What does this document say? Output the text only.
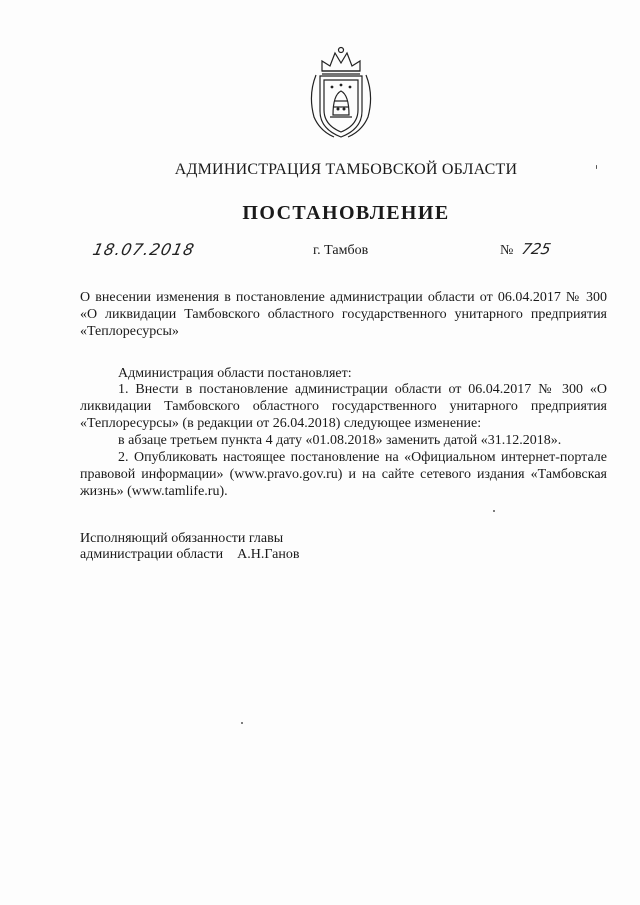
АДМИНИСТРАЦИЯ ТАМБОВСКОЙ ОБЛАСТИ
ПОСТАНОВЛЕНИЕ
18.07.2018	г. Тамбов	№ 725
О внесении изменения в постановление администрации области от 06.04.2017 № 300 «О ликвидации Тамбовского областного государственного унитарного предприятия «Теплоресурсы»
Администрация области постановляет:

1. Внести в постановление администрации области от 06.04.2017 № 300 «О ликвидации Тамбовского областного государственного унитарного предприятия «Теплоресурсы» (в редакции от 26.04.2018) следующее изменение:

в абзаце третьем пункта 4 дату «01.08.2018» заменить датой «31.12.2018».

2. Опубликовать настоящее постановление на «Официальном интернет-портале правовой информации» (www.pravo.gov.ru) и на сайте сетевого издания «Тамбовская жизнь» (www.tamlife.ru).

Исполняющий обязанности главы
администрации области А.Н.Ганов
